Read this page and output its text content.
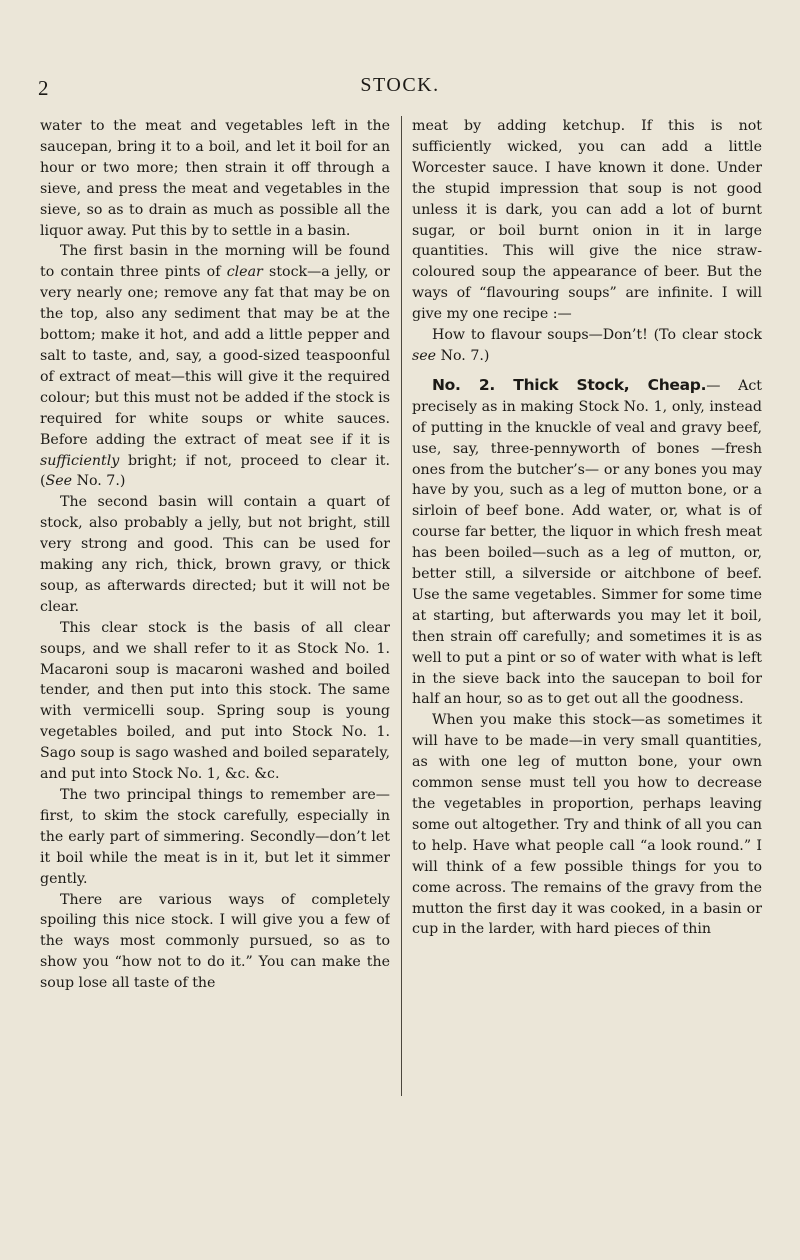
2	STOCK.

water to the meat and vegetables left in the saucepan, bring it to a boil, and let it boil for an hour or two more; then strain it off through a sieve, and press the meat and vegetables in the sieve, so as to drain as much as possible all the liquor away. Put this by to settle in a basin.

The first basin in the morning will be found to contain three pints of clear stock—a jelly, or very nearly one; remove any fat that may be on the top, also any sediment that may be at the bottom; make it hot, and add a little pepper and salt to taste, and, say, a good-sized teaspoonful of extract of meat—this will give it the required colour; but this must not be added if the stock is required for white soups or white sauces. Before adding the extract of meat see if it is sufficiently bright; if not, proceed to clear it. (See No. 7.)

The second basin will contain a quart of stock, also probably a jelly, but not bright, still very strong and good. This can be used for making any rich, thick, brown gravy, or thick soup, as afterwards directed; but it will not be clear.

This clear stock is the basis of all clear soups, and we shall refer to it as Stock No. 1. Macaroni soup is macaroni washed and boiled tender, and then put into this stock. The same with vermicelli soup. Spring soup is young vegetables boiled, and put into Stock No. 1. Sago soup is sago washed and boiled separately, and put into Stock No. 1, &c. &c.

The two principal things to remember are—first, to skim the stock carefully, especially in the early part of simmering. Secondly—don’t let it boil while the meat is in it, but let it simmer gently.

There are various ways of completely spoiling this nice stock. I will give you a few of the ways most commonly pursued, so as to show you “how not to do it.” You can make the soup lose all taste of the

meat by adding ketchup. If this is not sufficiently wicked, you can add a little Worcester sauce. I have known it done. Under the stupid impression that soup is not good unless it is dark, you can add a lot of burnt sugar, or boil burnt onion in it in large quantities. This will give the nice straw-coloured soup the appearance of beer. But the ways of “flavouring soups” are infinite. I will give my one recipe :—

How to flavour soups—Don’t! (To clear stock see No. 7.)

No. 2. Thick Stock, Cheap.— Act precisely as in making Stock No. 1, only, instead of putting in the knuckle of veal and gravy beef, use, say, three-pennyworth of bones —fresh ones from the butcher’s— or any bones you may have by you, such as a leg of mutton bone, or a sirloin of beef bone. Add water, or, what is of course far better, the liquor in which fresh meat has been boiled—such as a leg of mutton, or, better still, a silverside or aitchbone of beef. Use the same vegetables. Simmer for some time at starting, but afterwards you may let it boil, then strain off carefully; and sometimes it is as well to put a pint or so of water with what is left in the sieve back into the saucepan to boil for half an hour, so as to get out all the goodness.

When you make this stock—as sometimes it will have to be made—in very small quantities, as with one leg of mutton bone, your own common sense must tell you how to decrease the vegetables in proportion, perhaps leaving some out altogether. Try and think of all you can to help. Have what people call “a look round.” I will think of a few possible things for you to come across. The remains of the gravy from the mutton the first day it was cooked, in a basin or cup in the larder, with hard pieces of thin
